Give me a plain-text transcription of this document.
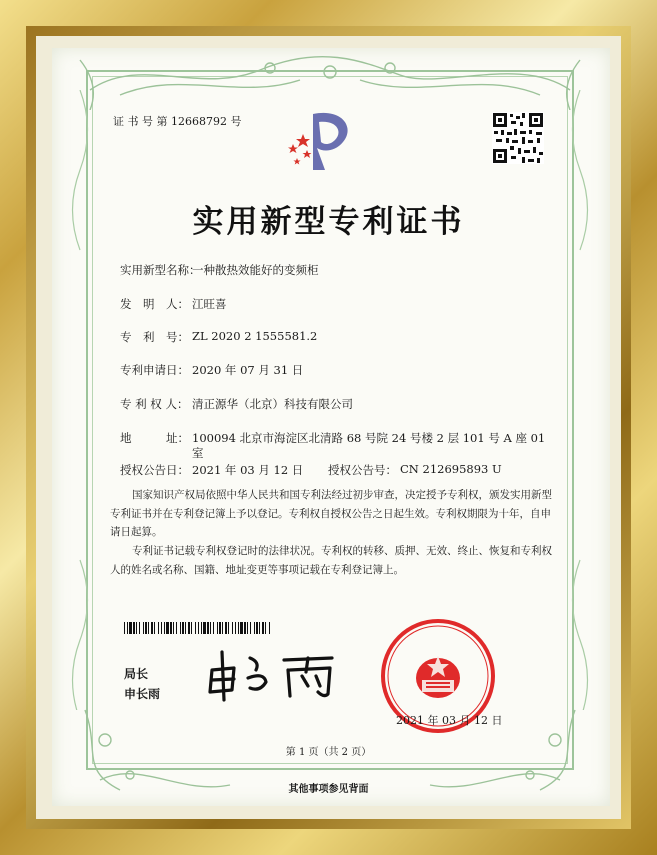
证 书 号 第 12668792 号
实用新型专利证书
实用新型名称：
一种散热效能好的变频柜
发　明　人： 江旺喜
专　利　号： ZL 2020 2 1555581.2
专利申请日： 2020 年 07 月 31 日
专 利 权 人： 清正源华（北京）科技有限公司
地　　　址： 100094 北京市海淀区北清路 68 号院 24 号楼 2 层 101 号 A 座 01
室
授权公告日： 2021 年 03 月 12 日 授权公告号： CN 212695893 U
国家知识产权局依照中华人民共和国专利法经过初步审查，决定授予专利权，颁发实用新型专利证书并在专利登记簿上予以登记。专利权自授权公告之日起生效。专利权期限为十年，自申请日起算。
专利证书记载专利权登记时的法律状况。专利权的转移、质押、无效、终止、恢复和专利权人的姓名或名称、国籍、地址变更等事项记载在专利登记簿上。
局长
申长雨
2021 年 03 月 12 日
第 1 页（共 2 页）
其他事项参见背面
